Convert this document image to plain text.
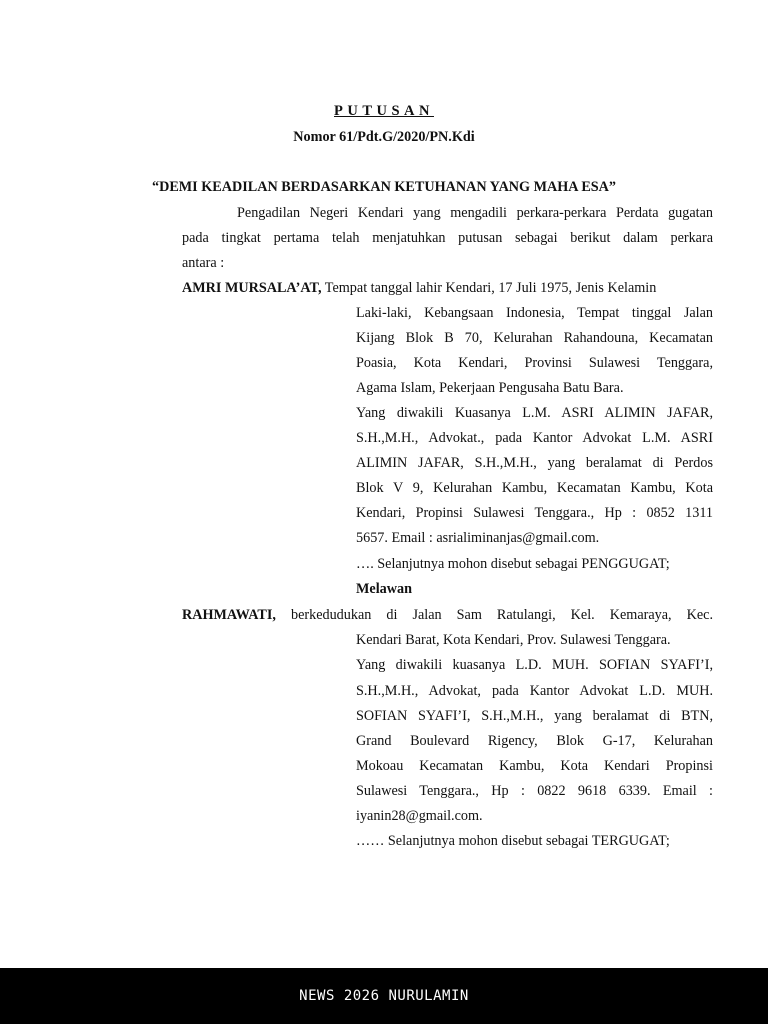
PUTUSAN
Nomor 61/Pdt.G/2020/PN.Kdi
“DEMI KEADILAN BERDASARKAN KETUHANAN YANG MAHA ESA”
Pengadilan Negeri Kendari yang mengadili perkara-perkara Perdata gugatan
pada tingkat pertama telah menjatuhkan putusan sebagai berikut dalam perkara
antara :
AMRI MURSALA’AT, Tempat tanggal lahir Kendari, 17 Juli 1975, Jenis Kelamin
Laki-laki, Kebangsaan Indonesia, Tempat tinggal Jalan
Kijang Blok B 70, Kelurahan Rahandouna, Kecamatan
Poasia, Kota Kendari, Provinsi Sulawesi Tenggara,
Agama Islam, Pekerjaan Pengusaha Batu Bara.
Yang diwakili Kuasanya L.M. ASRI ALIMIN JAFAR,
S.H.,M.H., Advokat., pada Kantor Advokat L.M. ASRI
ALIMIN JAFAR, S.H.,M.H., yang beralamat di Perdos
Blok V 9, Kelurahan Kambu, Kecamatan Kambu, Kota
Kendari, Propinsi Sulawesi Tenggara., Hp : 0852 1311
5657. Email : asrialiminanjas@gmail.com.
…. Selanjutnya mohon disebut sebagai PENGGUGAT;
Melawan
RAHMAWATI, berkedudukan di Jalan Sam Ratulangi, Kel. Kemaraya, Kec.
Kendari Barat, Kota Kendari, Prov. Sulawesi Tenggara.
Yang diwakili kuasanya L.D. MUH. SOFIAN SYAFI’I,
S.H.,M.H., Advokat, pada Kantor Advokat L.D. MUH.
SOFIAN SYAFI’I, S.H.,M.H., yang beralamat di BTN,
Grand Boulevard Rigency, Blok G-17, Kelurahan
Mokoau Kecamatan Kambu, Kota Kendari Propinsi
Sulawesi Tenggara., Hp : 0822 9618 6339. Email :
iyanin28@gmail.com.
…… Selanjutnya mohon disebut sebagai TERGUGAT;
NEWS 2026 NURULAMIN
